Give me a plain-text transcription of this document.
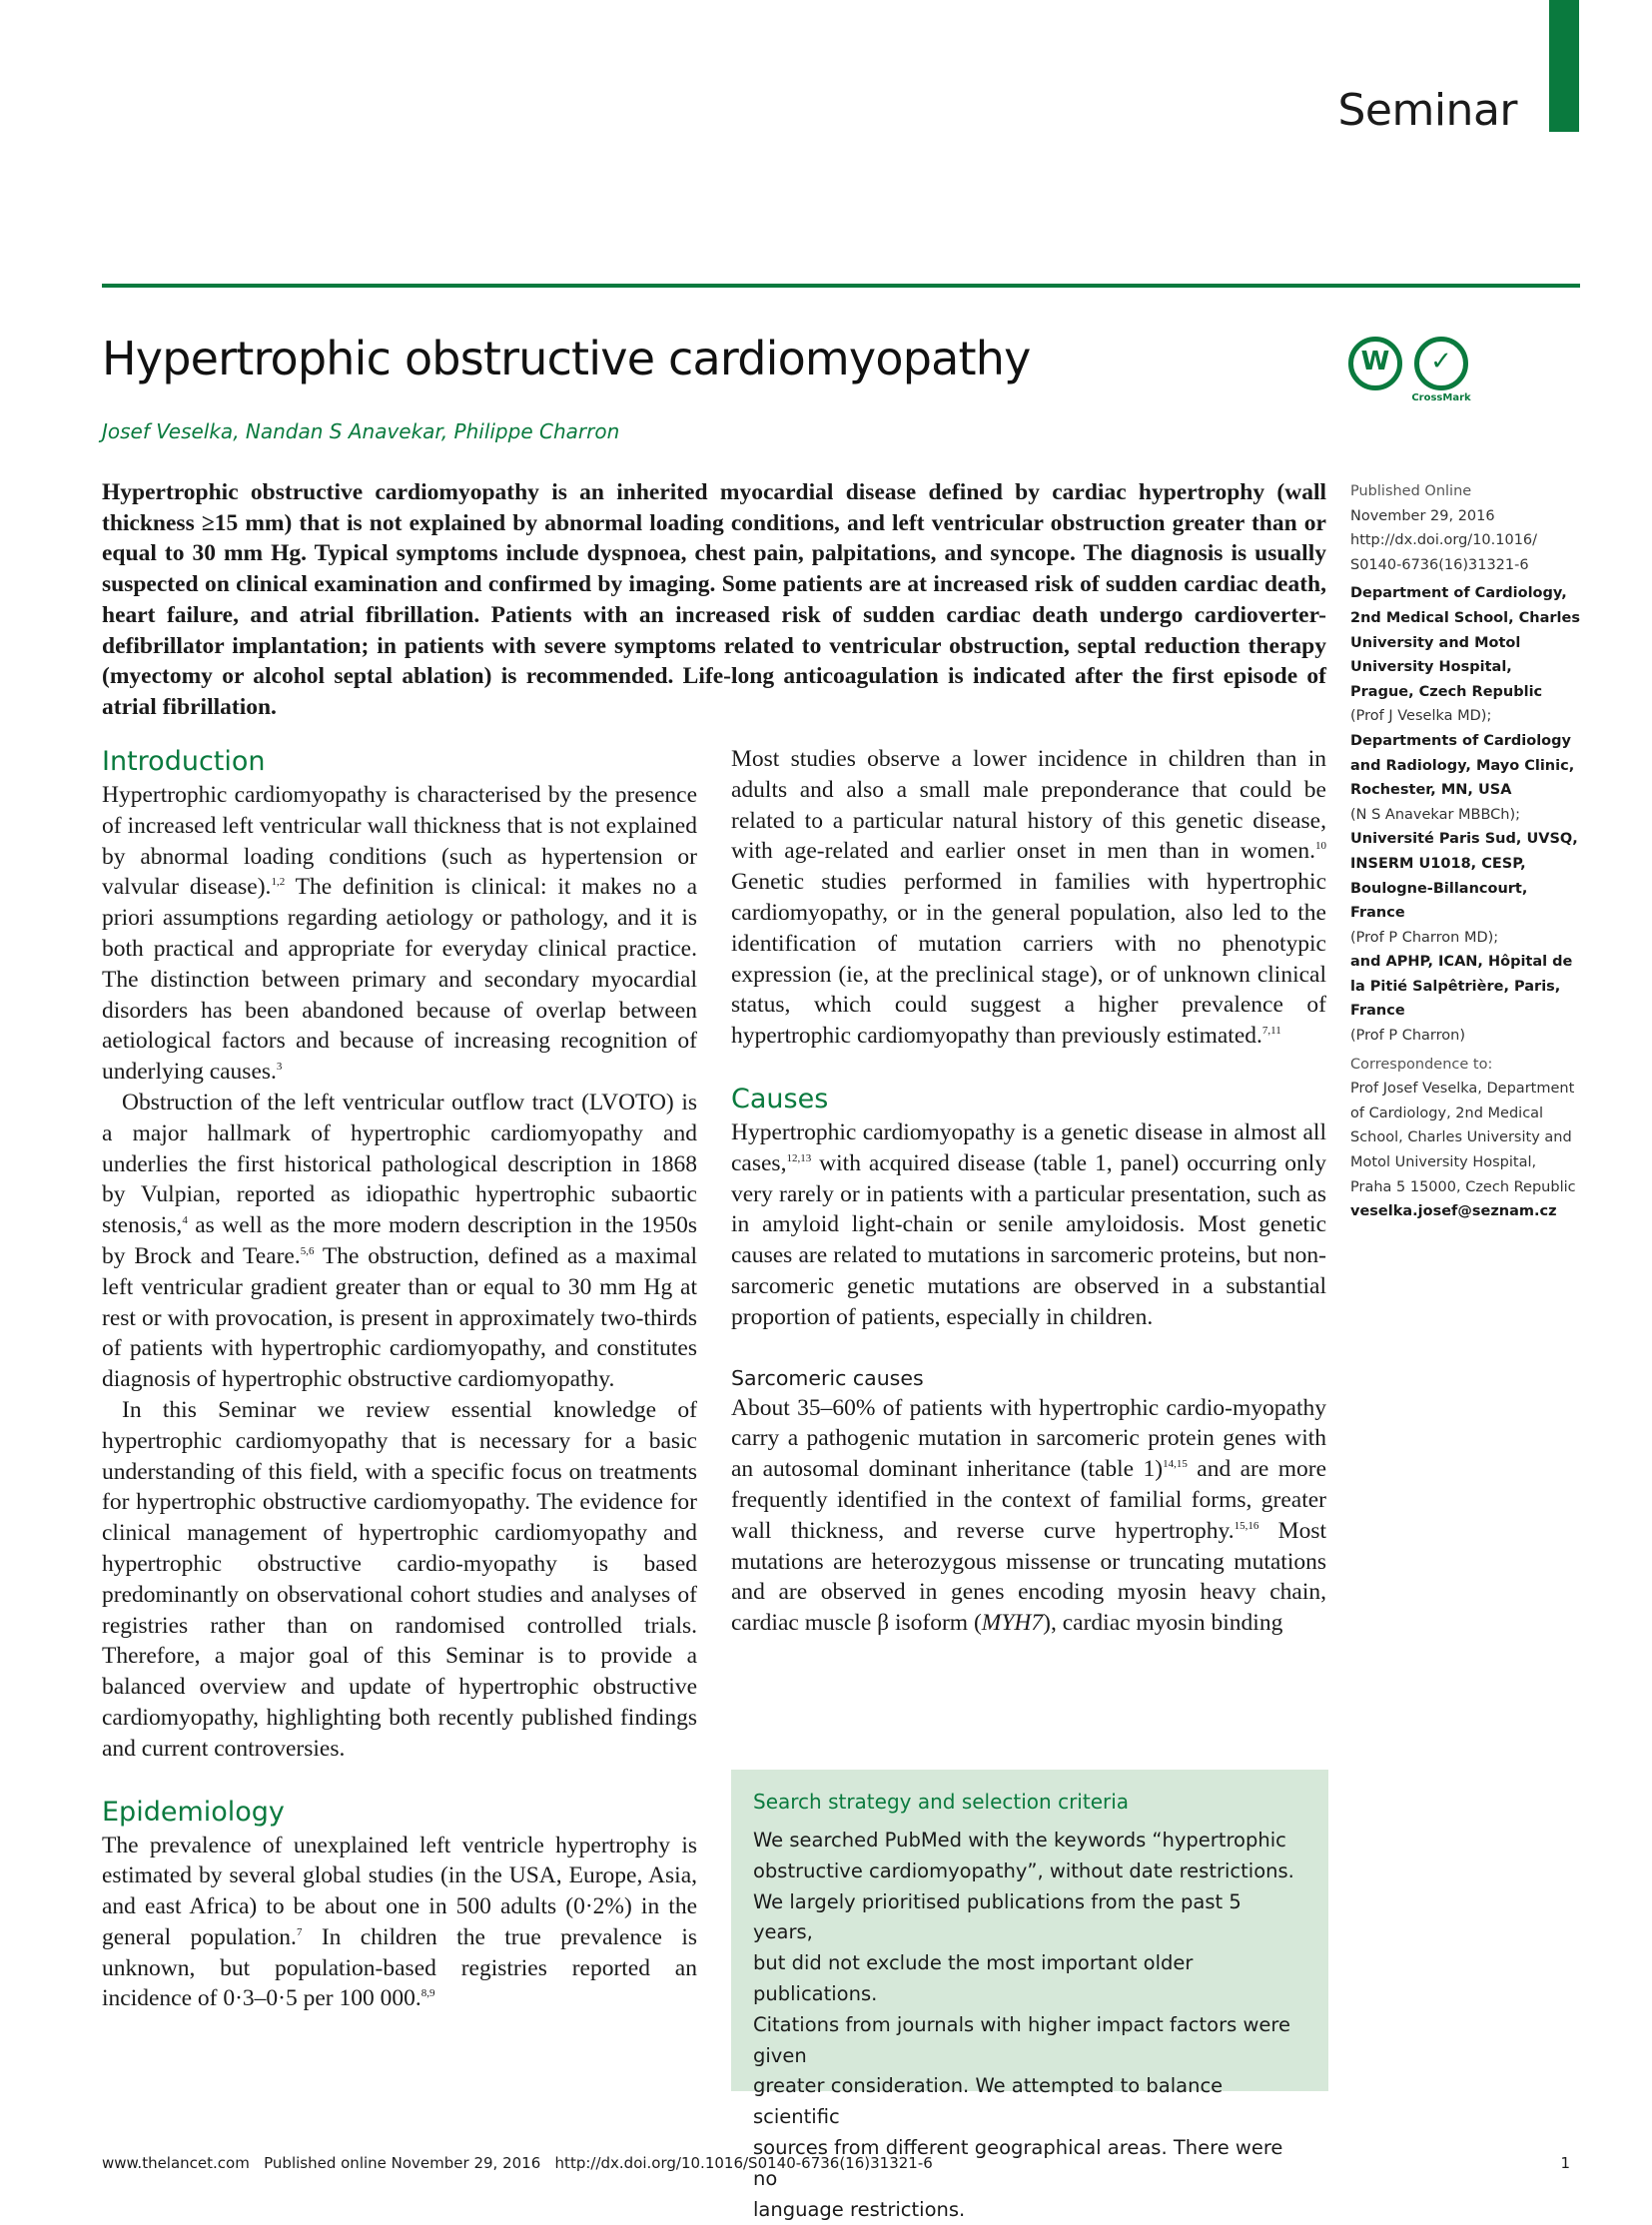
Seminar
Hypertrophic obstructive cardiomyopathy	W	✓
CrossMark
Josef Veselka, Nandan S Anavekar, Philippe Charron

Hypertrophic obstructive cardiomyopathy is an inherited myocardial disease defined by cardiac hypertrophy (wall thickness ≥15 mm) that is not explained by abnormal loading conditions, and left ventricular obstruction greater than or equal to 30 mm Hg. Typical symptoms include dyspnoea, chest pain, palpitations, and syncope. The diagnosis is usually suspected on clinical examination and confirmed by imaging. Some patients are at increased risk of sudden cardiac death, heart failure, and atrial fibrillation. Patients with an increased risk of sudden cardiac death undergo cardioverter-defibrillator implantation; in patients with severe symptoms related to ventricular obstruction, septal reduction therapy (myectomy or alcohol septal ablation) is recommended. Life-long anticoagulation is indicated after the first episode of atrial fibrillation.

Introduction

Hypertrophic cardiomyopathy is characterised by the presence of increased left ventricular wall thickness that is not explained by abnormal loading conditions (such as hypertension or valvular disease).$^{1,2}$ The definition is clinical: it makes no a priori assumptions regarding aetiology or pathology, and it is both practical and appropriate for everyday clinical practice. The distinction between primary and secondary myocardial disorders has been abandoned because of overlap between aetiological factors and because of increasing recognition of underlying causes.$^3$

Obstruction of the left ventricular outflow tract (LVOTO) is a major hallmark of hypertrophic cardiomyopathy and underlies the first historical pathological description in 1868 by Vulpian, reported as idiopathic hypertrophic subaortic stenosis,$^4$ as well as the more modern description in the 1950s by Brock and Teare.$^{5,6}$ The obstruction, defined as a maximal left ventricular gradient greater than or equal to 30 mm Hg at rest or with provocation, is present in approximately two-thirds of patients with hypertrophic cardiomyopathy, and constitutes diagnosis of hypertrophic obstructive cardiomyopathy.

In this Seminar we review essential knowledge of hypertrophic cardiomyopathy that is necessary for a basic understanding of this field, with a specific focus on treatments for hypertrophic obstructive cardiomyopathy. The evidence for clinical management of hypertrophic cardiomyopathy and hypertrophic obstructive cardio-myopathy is based predominantly on observational cohort studies and analyses of registries rather than on randomised controlled trials. Therefore, a major goal of this Seminar is to provide a balanced overview and update of hypertrophic obstructive cardiomyopathy, highlighting both recently published findings and current controversies.

Epidemiology

The prevalence of unexplained left ventricle hypertrophy is estimated by several global studies (in the USA, Europe, Asia, and east Africa) to be about one in 500 adults (0·2%) in the general population.$^7$ In children the true prevalence is unknown, but population-based registries reported an incidence of 0·3–0·5 per 100 000.$^{8,9}$

Most studies observe a lower incidence in children than in adults and also a small male preponderance that could be related to a particular natural history of this genetic disease, with age-related and earlier onset in men than in women.$^{10}$ Genetic studies performed in families with hypertrophic cardiomyopathy, or in the general population, also led to the identification of mutation carriers with no phenotypic expression (ie, at the preclinical stage), or of unknown clinical status, which could suggest a higher prevalence of hypertrophic cardiomyopathy than previously estimated.$^{7,11}$

Causes

Hypertrophic cardiomyopathy is a genetic disease in almost all cases,$^{12,13}$ with acquired disease (table 1, panel) occurring only very rarely or in patients with a particular presentation, such as in amyloid light-chain or senile amyloidosis. Most genetic causes are related to mutations in sarcomeric proteins, but non-sarcomeric genetic mutations are observed in a substantial proportion of patients, especially in children.

Sarcomeric causes

About 35–60% of patients with hypertrophic cardio-myopathy carry a pathogenic mutation in sarcomeric protein genes with an autosomal dominant inheritance (table 1)$^{14,15}$ and are more frequently identified in the context of familial forms, greater wall thickness, and reverse curve hypertrophy.$^{15,16}$ Most mutations are heterozygous missense or truncating mutations and are observed in genes encoding myosin heavy chain, cardiac muscle β isoform (MYH7), cardiac myosin binding

Search strategy and selection criteria

We searched PubMed with the keywords “hypertrophic

obstructive cardiomyopathy”, without date restrictions.

We largely prioritised publications from the past 5 years,

but did not exclude the most important older publications.

Citations from journals with higher impact factors were given

greater consideration. We attempted to balance scientific

sources from different geographical areas. There were no

language restrictions.

Published Online

November 29, 2016

http://dx.doi.org/10.1016/

S0140-6736(16)31321-6

Department of Cardiology, 2nd Medical School, Charles University and Motol University Hospital, Prague, Czech Republic

(Prof J Veselka MD);

Departments of Cardiology and Radiology, Mayo Clinic, Rochester, MN, USA

(N S Anavekar MBBCh);

Université Paris Sud, UVSQ, INSERM U1018, CESP, Boulogne-Billancourt, France

(Prof P Charron MD);

and APHP, ICAN, Hôpital de la Pitié Salpêtrière, Paris, France

(Prof P Charron)

Correspondence to:

Prof Josef Veselka, Department of Cardiology, 2nd Medical School, Charles University and Motol University Hospital, Praha 5 15000, Czech Republic

veselka.josef@seznam.cz

www.thelancet.com   Published online November 29, 2016   http://dx.doi.org/10.1016/S0140-6736(16)31321-6	1
